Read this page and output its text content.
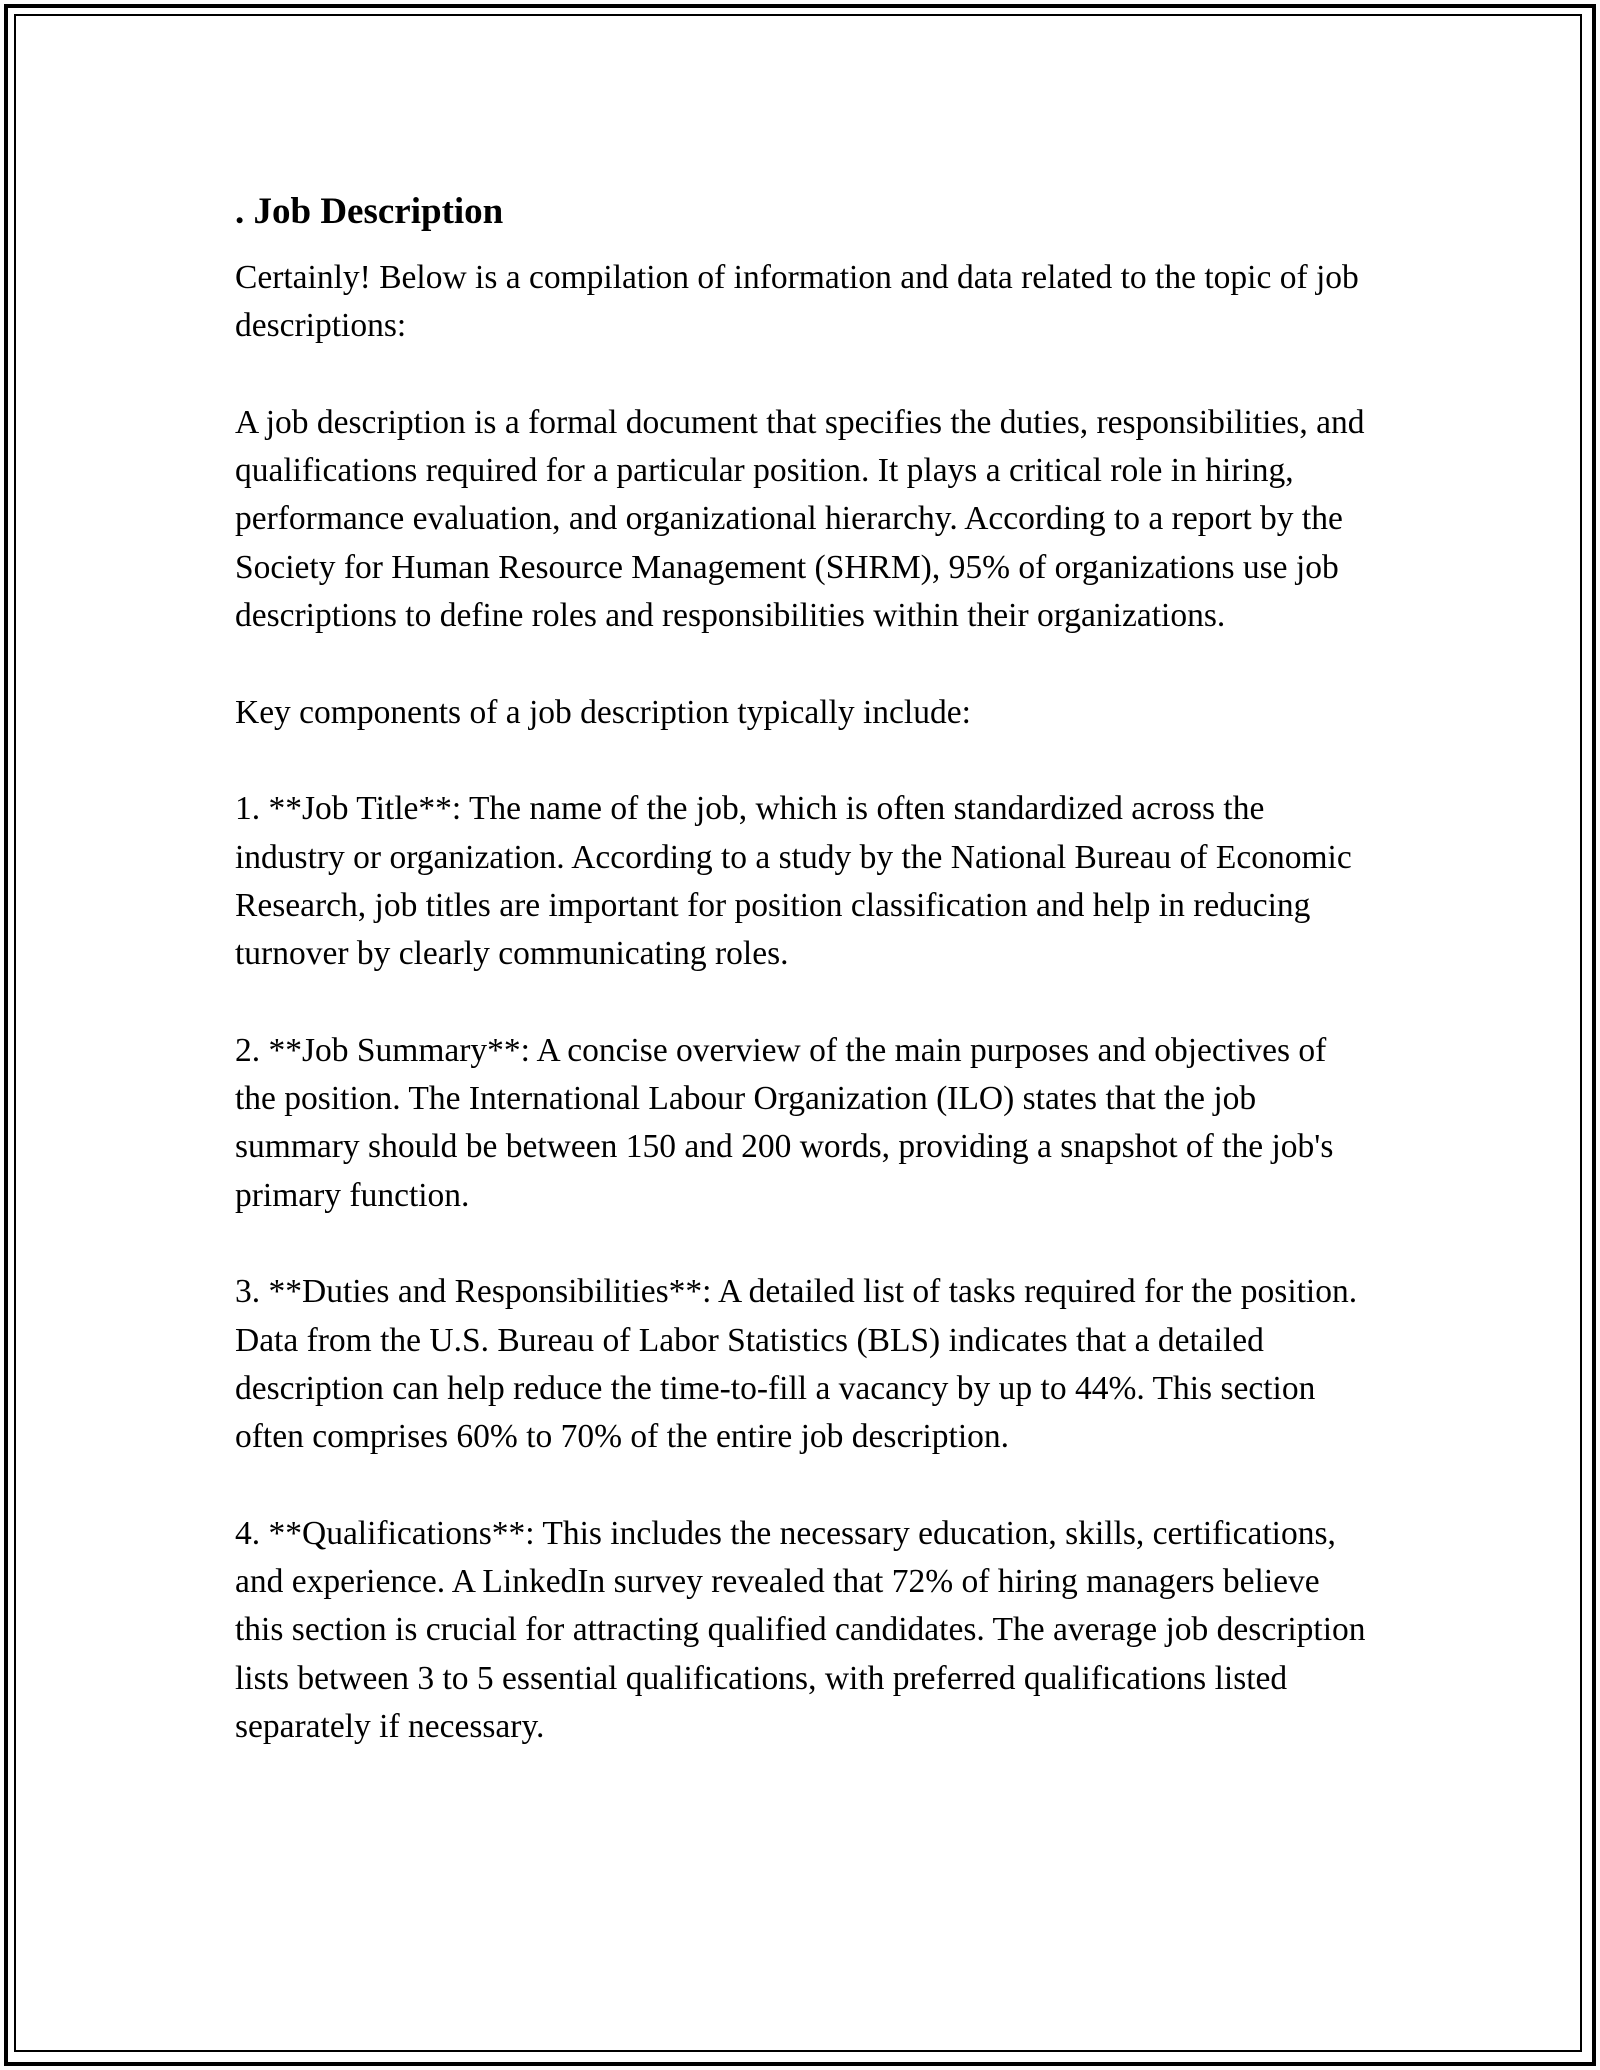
. Job Description

Certainly! Below is a compilation of information and data related to the topic of job descriptions:

A job description is a formal document that specifies the duties, responsibilities, and qualifications required for a particular position. It plays a critical role in hiring, performance evaluation, and organizational hierarchy. According to a report by the Society for Human Resource Management (SHRM), 95% of organizations use job descriptions to define roles and responsibilities within their organizations.

Key components of a job description typically include:

1. **Job Title**: The name of the job, which is often standardized across the industry or organization. According to a study by the National Bureau of Economic Research, job titles are important for position classification and help in reducing turnover by clearly communicating roles.

2. **Job Summary**: A concise overview of the main purposes and objectives of the position. The International Labour Organization (ILO) states that the job summary should be between 150 and 200 words, providing a snapshot of the job's primary function.

3. **Duties and Responsibilities**: A detailed list of tasks required for the position. Data from the U.S. Bureau of Labor Statistics (BLS) indicates that a detailed description can help reduce the time-to-fill a vacancy by up to 44%. This section often comprises 60% to 70% of the entire job description.

4. **Qualifications**: This includes the necessary education, skills, certifications, and experience. A LinkedIn survey revealed that 72% of hiring managers believe this section is crucial for attracting qualified candidates. The average job description lists between 3 to 5 essential qualifications, with preferred qualifications listed separately if necessary.
